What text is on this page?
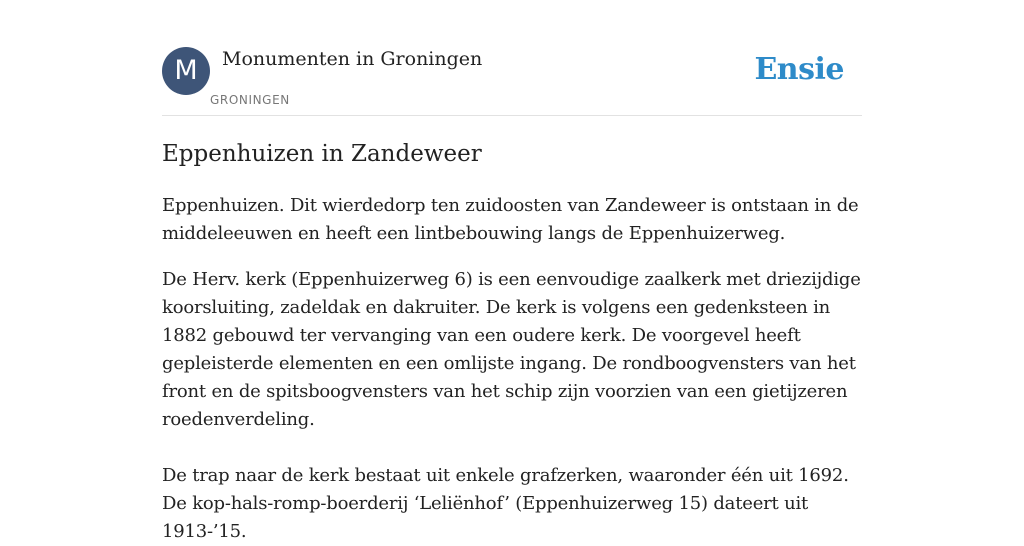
M	Monumenten in Groningen
GRONINGEN
Ensie
Eppenhuizen in Zandeweer

Eppenhuizen. Dit wierdedorp ten zuidoosten van Zandeweer is ontstaan in de middeleeuwen en heeft een lintbebouwing langs de Eppenhuizerweg.

De Herv. kerk (Eppenhuizerweg 6) is een eenvoudige zaalkerk met driezijdige koorsluiting, zadeldak en dakruiter. De kerk is volgens een gedenksteen in 1882 gebouwd ter vervanging van een oudere kerk. De voorgevel heeft gepleisterde elementen en een omlijste ingang. De rondboogvensters van het front en de spitsboogvensters van het schip zijn voorzien van een gietijzeren roedenverdeling.

De trap naar de kerk bestaat uit enkele grafzerken, waaronder één uit 1692. De kop-hals-romp-boerderij ‘Leliënhof’ (Eppenhuizerweg 15) dateert uit 1913-’15.
